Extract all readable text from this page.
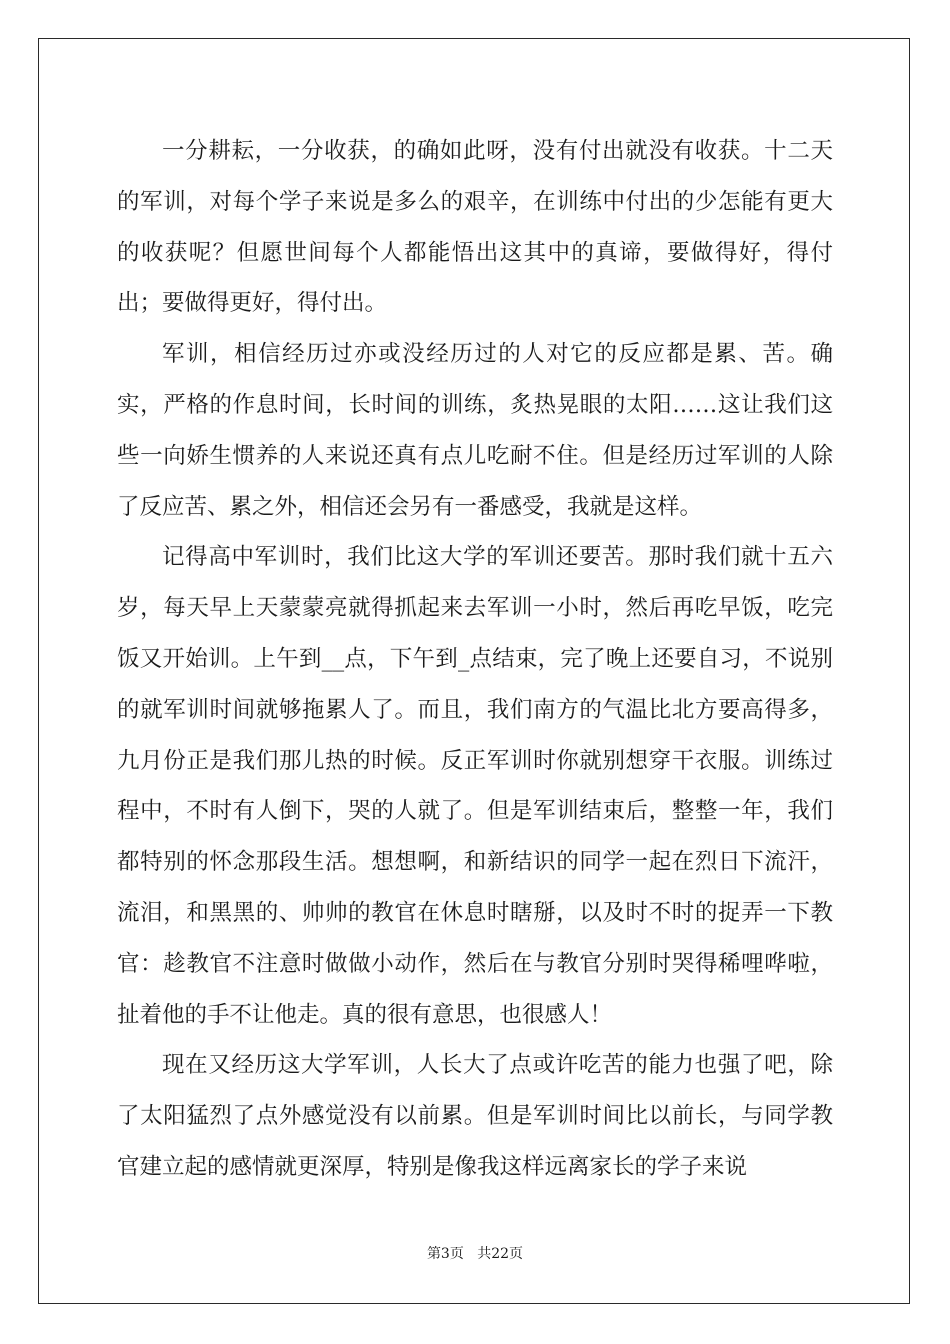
一分耕耘，一分收获，的确如此呀，没有付出就没有收获。十二天的军训，对每个学子来说是多么的艰辛，在训练中付出的少怎能有更大的收获呢？但愿世间每个人都能悟出这其中的真谛，要做得好，得付出；要做得更好，得付出。

军训，相信经历过亦或没经历过的人对它的反应都是累、苦。确实，严格的作息时间，长时间的训练，炙热晃眼的太阳……这让我们这些一向娇生惯养的人来说还真有点儿吃耐不住。但是经历过军训的人除了反应苦、累之外，相信还会另有一番感受，我就是这样。

记得高中军训时，我们比这大学的军训还要苦。那时我们就十五六岁，每天早上天蒙蒙亮就得抓起来去军训一小时，然后再吃早饭，吃完饭又开始训。上午到__点，下午到_点结束，完了晚上还要自习，不说别的就军训时间就够拖累人了。而且，我们南方的气温比北方要高得多，九月份正是我们那儿热的时候。反正军训时你就别想穿干衣服。训练过程中，不时有人倒下，哭的人就了。但是军训结束后，整整一年，我们都特别的怀念那段生活。想想啊，和新结识的同学一起在烈日下流汗，流泪，和黑黑的、帅帅的教官在休息时瞎掰，以及时不时的捉弄一下教官：趁教官不注意时做做小动作，然后在与教官分别时哭得稀哩哗啦，扯着他的手不让他走。真的很有意思，也很感人！

现在又经历这大学军训，人长大了点或许吃苦的能力也强了吧，除了太阳猛烈了点外感觉没有以前累。但是军训时间比以前长，与同学教官建立起的感情就更深厚，特别是像我这样远离家长的学子来说

第3页 共22页
